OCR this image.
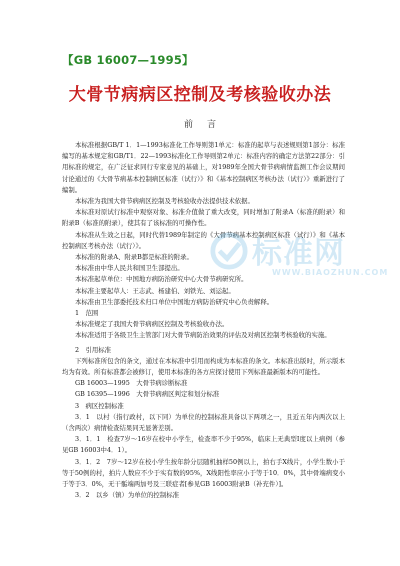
【GB 16007—1995】
大骨节病病区控制及考核验收办法
前言

本标准根据GB/T 1．1—1993标准化工作导则第1单元：标准的起草与表述规则第1部分：标准编写的基本规定和GB/T1．22—1993标准化工作导则第2单元：标准内容的确定方法第22部分：引用标准的规定，在广泛征求同行专家意见的基础上，对1989年全国大骨节病病情监测工作会议期间讨论通过的《大骨节病基本控制病区标准（试行）》和《基本控制病区考核办法（试行）》重新进行了编制。

本标准为我国大骨节病病区控制及考核验收办法提供技术依据。

本标准对原试行标准中观察对象、标准介值做了重大改变，同时增加了附录A（标准的附录）和附录B（标准的附录），使其有了该标准的可操作性。

本标准从生效之日起，同时代替1989年制定的《大骨节病基本控制病区标准（试行）》和《基本控制病区考核办法（试行）》。

本标准的附录A、附录B都是标准的附录。

本标准由中华人民共和国卫生部提出。

本标准起草单位：中国地方病防治研究中心大骨节病研究所。

本标准主要起草人：王志武、杨建伯、刘铁光、刘运起。

本标准由卫生部委托技术归口单位中国地方病防治研究中心负责解释。

1　范围

本标准规定了我国大骨节病病区控制及考核验收办法。

本标准适用于各级卫生主管部门对大骨节病防治效果的评估及对病区控制考核验收的实施。

2　引用标准

下列标准所包含的条文，通过在本标准中引用而构成为本标准的条文。本标准出版时，所示版本均为有效。所有标准都会被修订，使用本标准的各方应探讨使用下列标准最新版本的可能性。

GB 16003—1995　大骨节病诊断标准

GB 16395—1996　大骨节病病区判定和划分标准

3　病区控制标准

3．1　以村（指行政村，以下同）为单位的控制标准具备以下两项之一，且近五年内两次以上（含两次）病情检查结果同无显著差别。

3．1．1　检查7岁～16岁在校中小学生，检查率不少于95%，临床上无典型Ⅰ度以上病例（参见GB 16003中4．1）。

3．1．2　7岁～12岁在校小学生按年龄分层随机抽样50例以上，拍右手X线片，小学生数小于等于50例的村，拍片人数应不少于实有数的95%，X线阳性率应小于等于10．0%，其中骨端病变小于等于3．0%，无干骺端两加号及三联症者[参见GB 16003附录B（补充件）]。

3．2　以乡（镇）为单位的控制标准

标准网
WWW.BIAOZHUN.COM
